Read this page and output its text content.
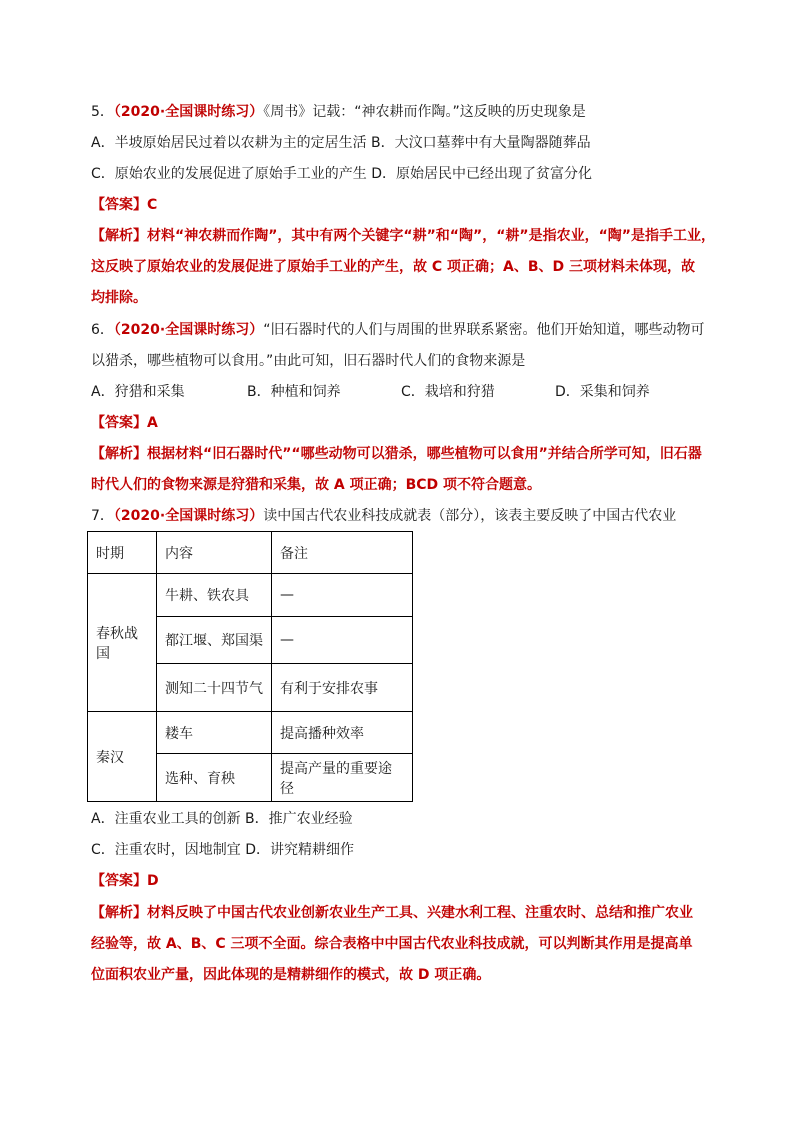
5．（2020·全国课时练习）《周书》记载：“神农耕而作陶。”这反映的历史现象是
A．半坡原始居民过着以农耕为主的定居生活 B．大汶口墓葬中有大量陶器随葬品
C．原始农业的发展促进了原始手工业的产生 D．原始居民中已经出现了贫富分化
【答案】C
【解析】材料“神农耕而作陶”，其中有两个关键字“耕”和“陶”，“耕”是指农业，“陶”是指手工业，
这反映了原始农业的发展促进了原始手工业的产生，故 C 项正确；A、B、D 三项材料未体现，故
均排除。
6．（2020·全国课时练习）“旧石器时代的人们与周围的世界联系紧密。他们开始知道，哪些动物可
以猎杀，哪些植物可以食用。”由此可知，旧石器时代人们的食物来源是
A．狩猎和采集	B．种植和饲养	C．栽培和狩猎	D．采集和饲养
【答案】A
【解析】根据材料“旧石器时代”“哪些动物可以猎杀，哪些植物可以食用”并结合所学可知，旧石器
时代人们的食物来源是狩猎和采集，故 A 项正确；BCD 项不符合题意。
7．（2020·全国课时练习）读中国古代农业科技成就表（部分），该表主要反映了中国古代农业
时期	内容	备注
春秋战国	牛耕、铁农具	—
	都江堰、郑国渠	—
	测知二十四节气	有利于安排农事
秦汉	耧车	提高播种效率
	选种、育秧	提高产量的重要途径
A．注重农业工具的创新 B．推广农业经验
C．注重农时，因地制宜 D．讲究精耕细作
【答案】D
【解析】材料反映了中国古代农业创新农业生产工具、兴建水利工程、注重农时、总结和推广农业
经验等，故 A、B、C 三项不全面。综合表格中中国古代农业科技成就，可以判断其作用是提高单
位面积农业产量，因此体现的是精耕细作的模式，故 D 项正确。
